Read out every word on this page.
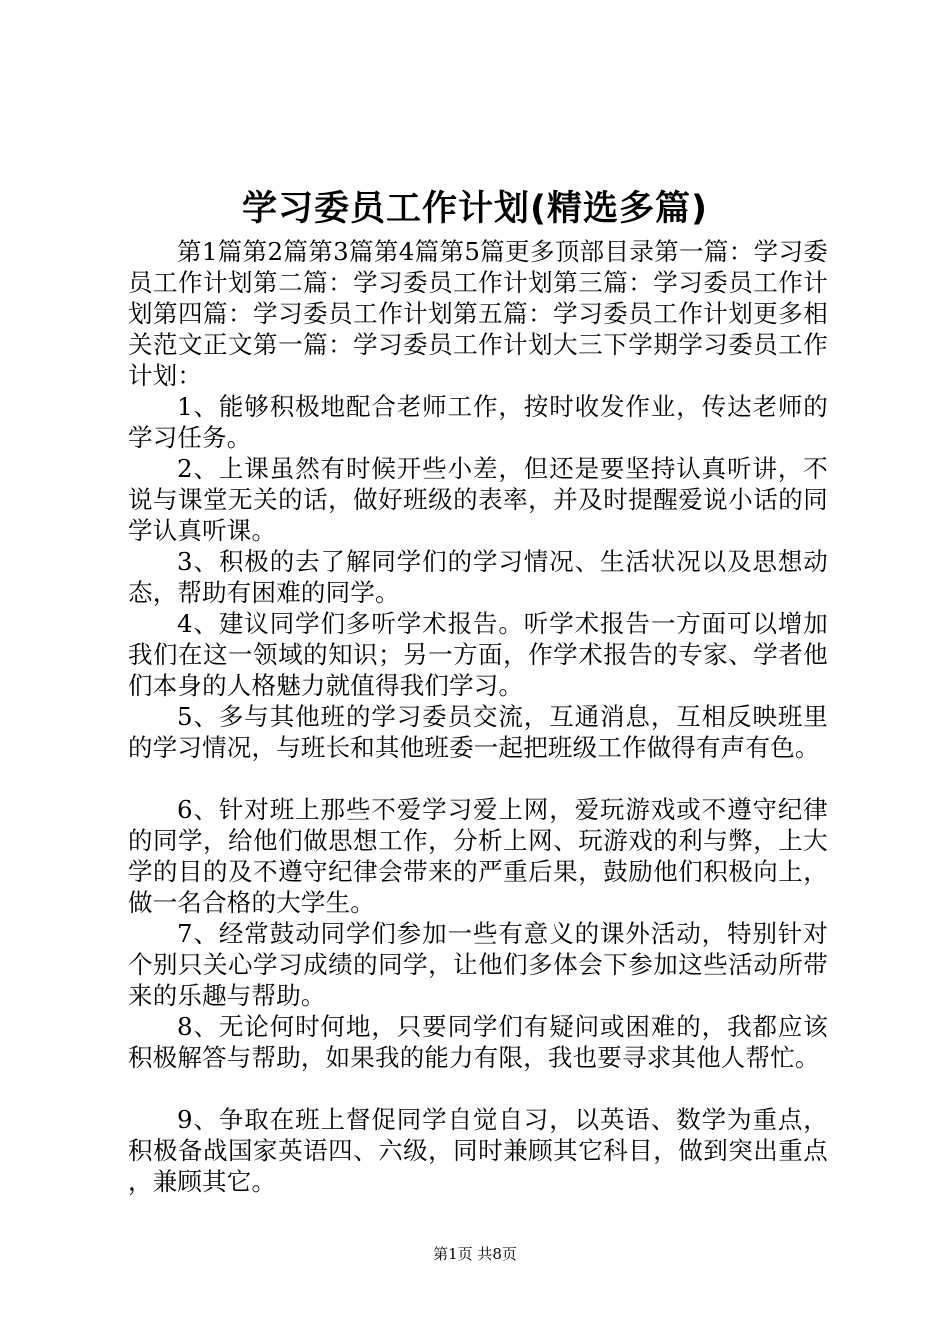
学习委员工作计划(精选多篇)

第1篇第2篇第3篇第4篇第5篇更多顶部目录第一篇：学习委员工作计划第二篇：学习委员工作计划第三篇：学习委员工作计划第四篇：学习委员工作计划第五篇：学习委员工作计划更多相关范文正文第一篇：学习委员工作计划大三下学期学习委员工作计划：

1、能够积极地配合老师工作，按时收发作业，传达老师的学习任务。

2、上课虽然有时候开些小差，但还是要坚持认真听讲，不说与课堂无关的话，做好班级的表率，并及时提醒爱说小话的同学认真听课。

3、积极的去了解同学们的学习情况、生活状况以及思想动态，帮助有困难的同学。

4、建议同学们多听学术报告。听学术报告一方面可以增加我们在这一领域的知识；另一方面，作学术报告的专家、学者他们本身的人格魅力就值得我们学习。

5、多与其他班的学习委员交流，互通消息，互相反映班里的学习情况，与班长和其他班委一起把班级工作做得有声有色。

6、针对班上那些不爱学习爱上网，爱玩游戏或不遵守纪律的同学，给他们做思想工作，分析上网、玩游戏的利与弊，上大学的目的及不遵守纪律会带来的严重后果，鼓励他们积极向上，做一名合格的大学生。

7、经常鼓动同学们参加一些有意义的课外活动，特别针对个别只关心学习成绩的同学，让他们多体会下参加这些活动所带来的乐趣与帮助。

8、无论何时何地，只要同学们有疑问或困难的，我都应该积极解答与帮助，如果我的能力有限，我也要寻求其他人帮忙。

9、争取在班上督促同学自觉自习，以英语、数学为重点，积极备战国家英语四、六级，同时兼顾其它科目，做到突出重点，兼顾其它。

第1页 共8页
